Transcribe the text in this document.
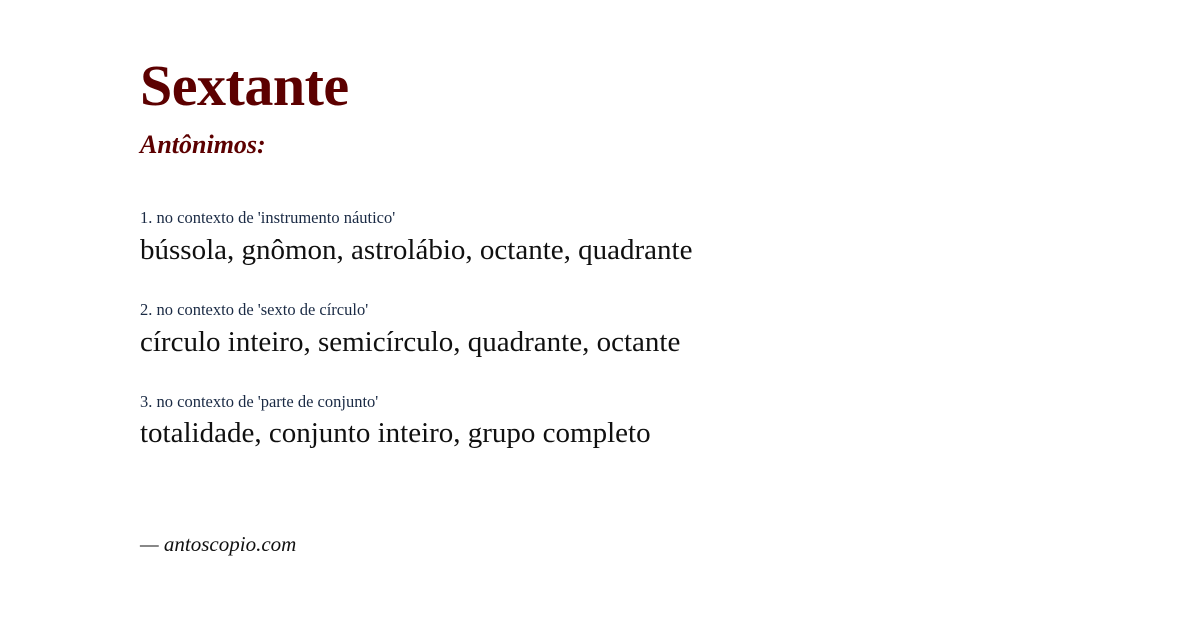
Sextante
Antônimos:
1. no contexto de 'instrumento náutico'
bússola, gnômon, astrolábio, octante, quadrante
2. no contexto de 'sexto de círculo'
círculo inteiro, semicírculo, quadrante, octante
3. no contexto de 'parte de conjunto'
totalidade, conjunto inteiro, grupo completo
— antoscopio.com
